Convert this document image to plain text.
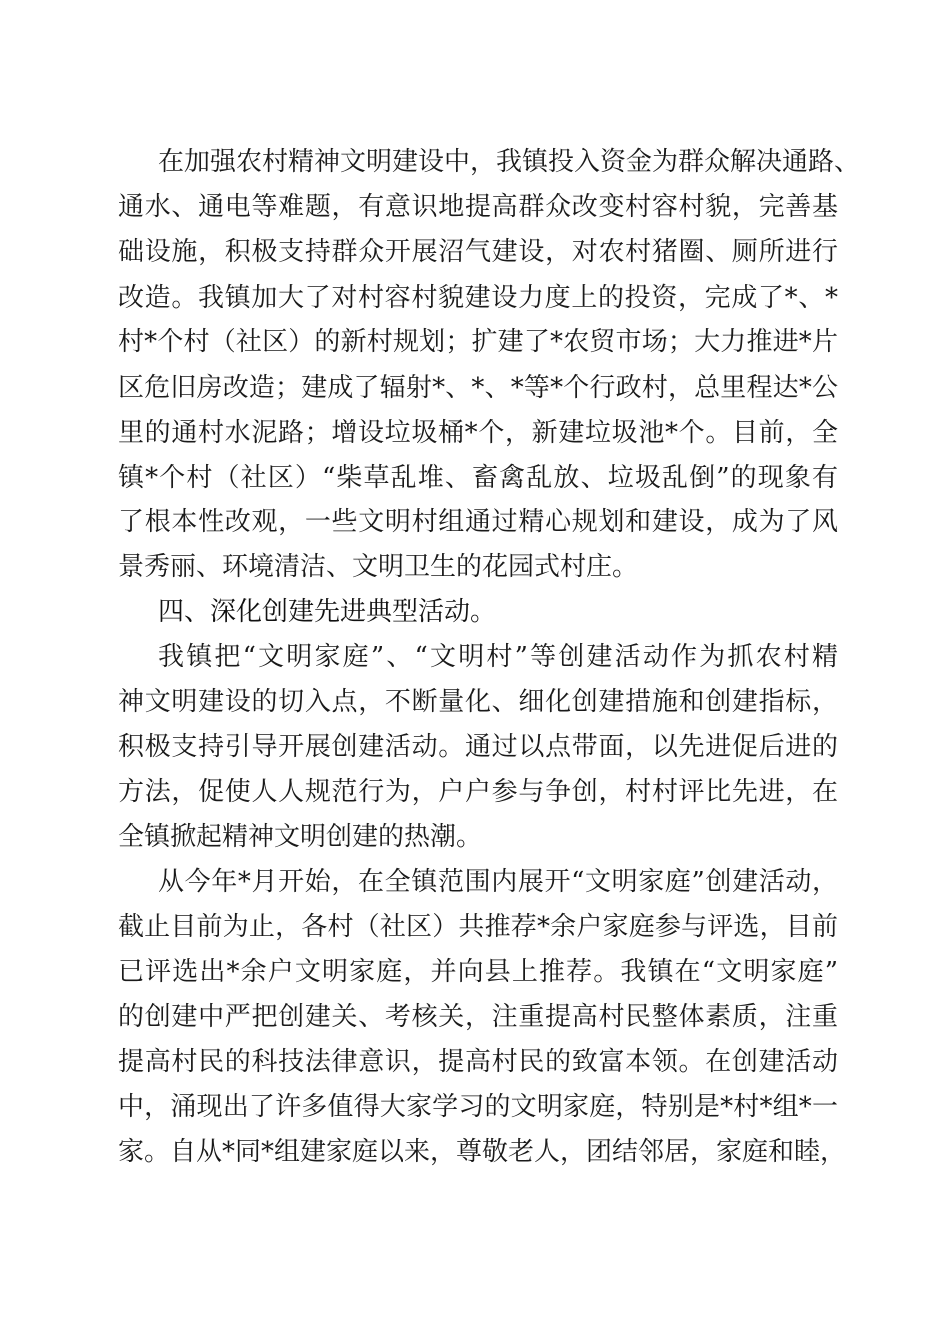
在加强农村精神文明建设中，我镇投入资金为群众解决通路、
通水、通电等难题，有意识地提高群众改变村容村貌，完善基
础设施，积极支持群众开展沼气建设，对农村猪圈、厕所进行
改造。我镇加大了对村容村貌建设力度上的投资，完成了*、*
村*个村（社区）的新村规划；扩建了*农贸市场；大力推进*片
区危旧房改造；建成了辐射*、*、*等*个行政村，总里程达*公
里的通村水泥路；增设垃圾桶*个，新建垃圾池*个。目前，全
镇*个村（社区）“柴草乱堆、畜禽乱放、垃圾乱倒”的现象有
了根本性改观，一些文明村组通过精心规划和建设，成为了风
景秀丽、环境清洁、文明卫生的花园式村庄。
四、深化创建先进典型活动。
我镇把“文明家庭”、“文明村”等创建活动作为抓农村精
神文明建设的切入点，不断量化、细化创建措施和创建指标，
积极支持引导开展创建活动。通过以点带面，以先进促后进的
方法，促使人人规范行为，户户参与争创，村村评比先进，在
全镇掀起精神文明创建的热潮。
从今年*月开始，在全镇范围内展开“文明家庭”创建活动，
截止目前为止，各村（社区）共推荐*余户家庭参与评选，目前
已评选出*余户文明家庭，并向县上推荐。我镇在“文明家庭”
的创建中严把创建关、考核关，注重提高村民整体素质，注重
提高村民的科技法律意识，提高村民的致富本领。在创建活动
中，涌现出了许多值得大家学习的文明家庭，特别是*村*组*一
家。自从*同*组建家庭以来，尊敬老人，团结邻居，家庭和睦，
